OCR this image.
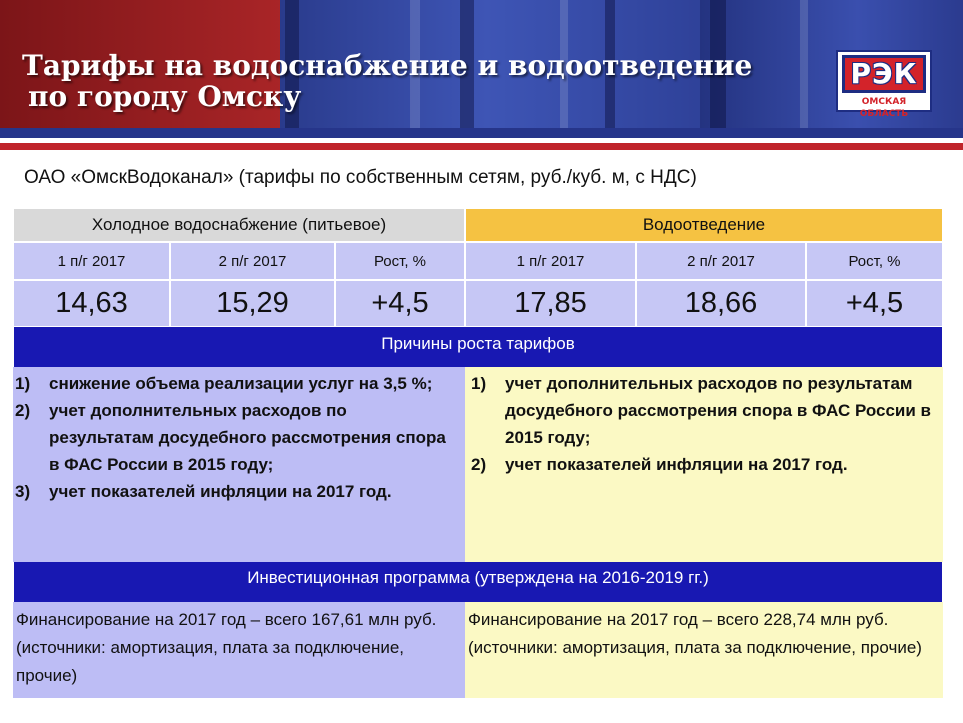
Тарифы на водоснабжение и водоотведение
по городу Омску
РЭК
ОМСКАЯ ОБЛАСТЬ
ОАО «ОмскВодоканал» (тарифы по собственным сетям, руб./куб. м, с НДС)
Холодное водоснабжение (питьевое)	Водоотведение
1 п/г 2017	2 п/г 2017	Рост, %	1 п/г 2017	2 п/г 2017	Рост, %
14,63	15,29	+4,5	17,85	18,66	+4,5
Причины роста тарифов
1) снижение объема реализации услуг на 3,5 %;
2) учет дополнительных расходов по результатам досудебного рассмотрения спора в ФАС России в 2015 году;
3) учет показателей инфляции на 2017 год.
1) учет дополнительных расходов по результатам досудебного рассмотрения спора в ФАС России в 2015 году;
2) учет показателей инфляции на 2017 год.
Инвестиционная программа (утверждена на 2016-2019 гг.)
Финансирование на 2017 год – всего 167,61 млн руб. (источники: амортизация, плата за подключение, прочие)
Финансирование на 2017 год – всего 228,74 млн руб. (источники: амортизация, плата за подключение, прочие)
